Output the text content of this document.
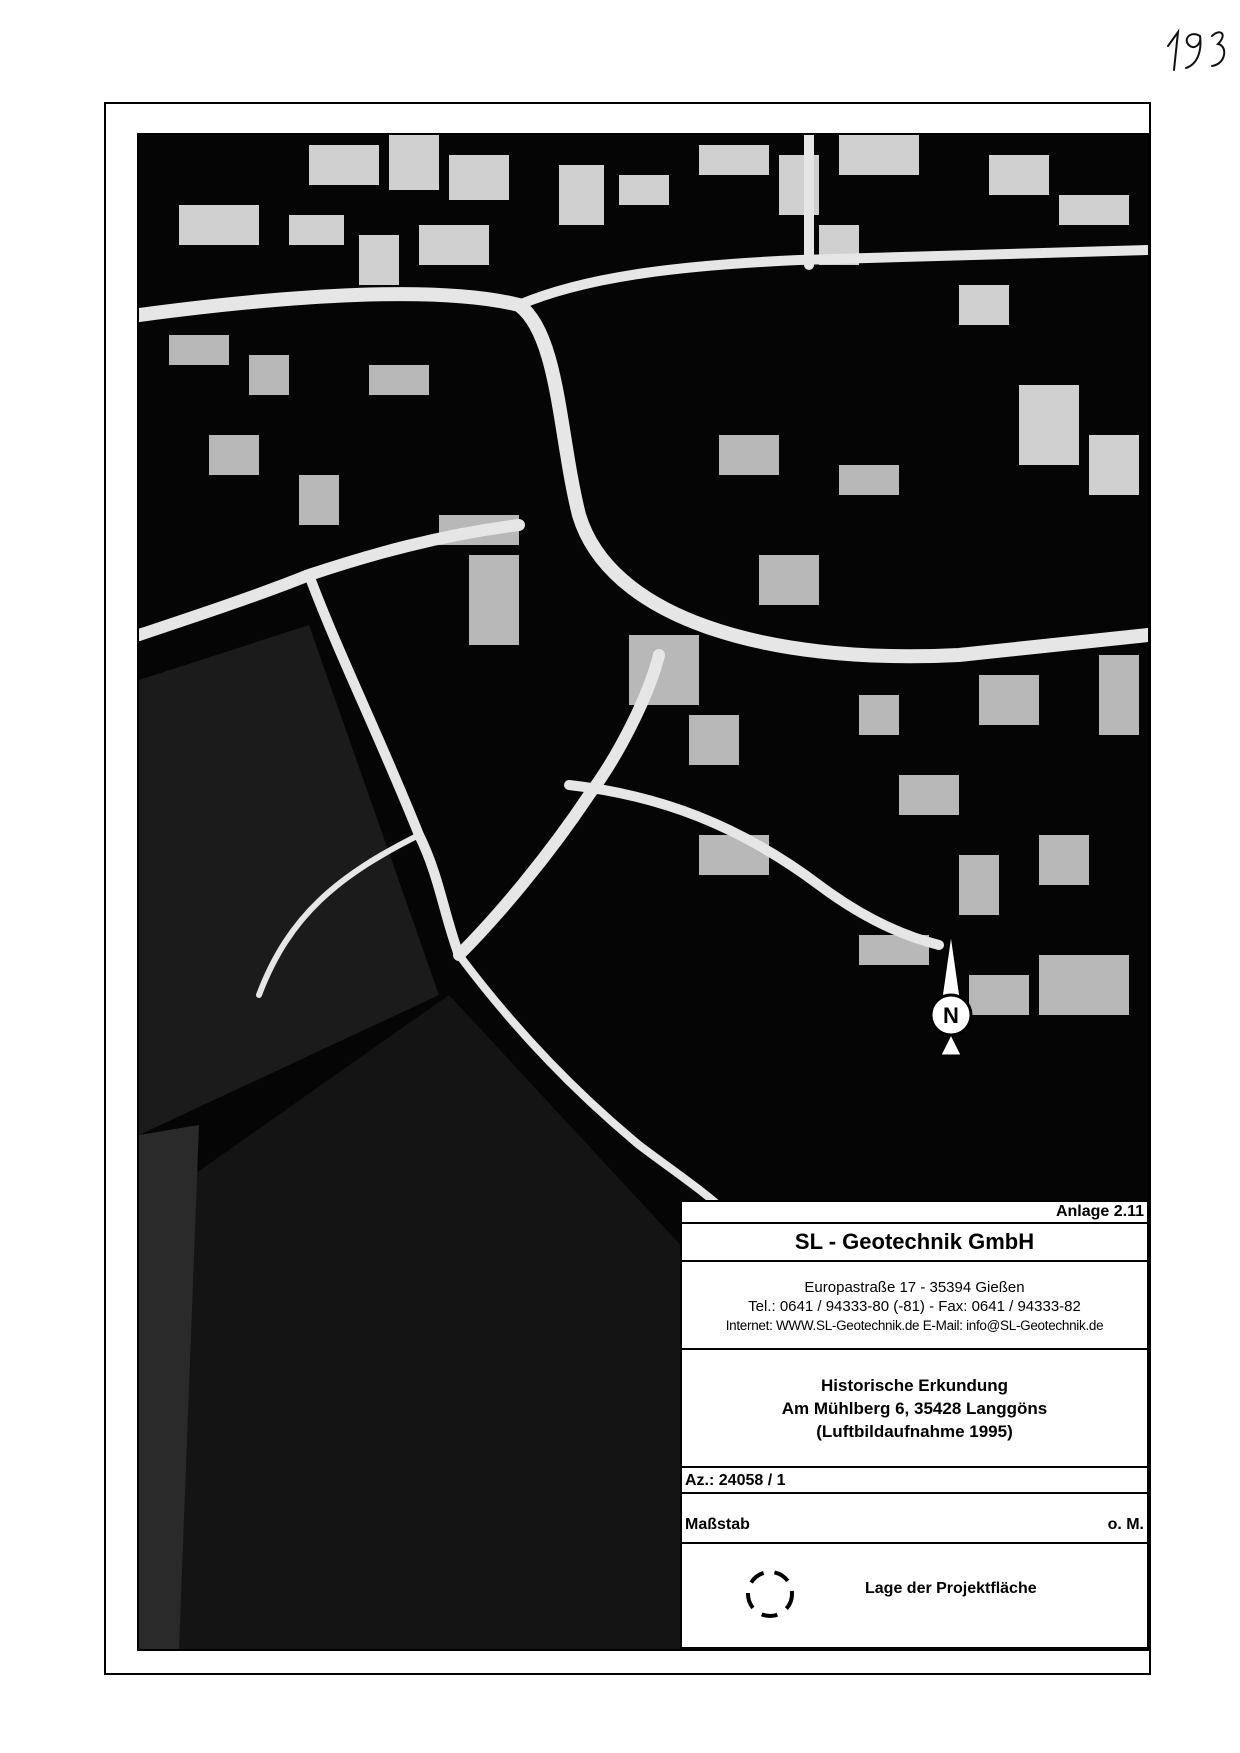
N
Anlage 2.11
SL - Geotechnik GmbH
Europastraße 17 - 35394 Gießen
Tel.: 0641 / 94333-80 (-81) - Fax: 0641 / 94333-82
Internet: WWW.SL-Geotechnik.de E-Mail: info@SL-Geotechnik.de
Historische Erkundung
Am Mühlberg 6, 35428 Langgöns
(Luftbildaufnahme 1995)
Az.: 24058 / 1
Maßstab	o. M.
Lage der Projektfläche
